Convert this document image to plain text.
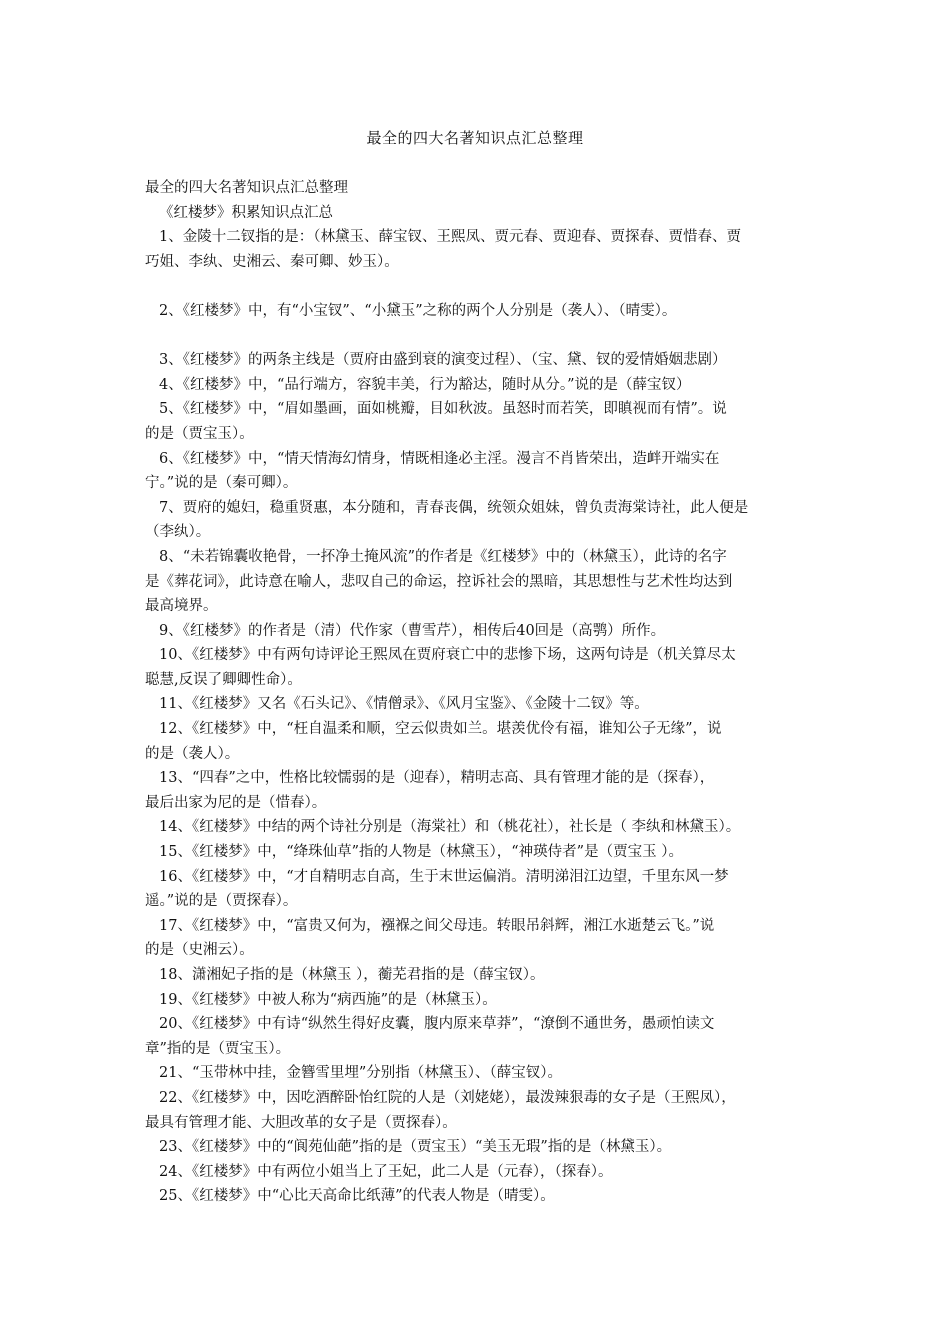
最全的四大名著知识点汇总整理
最全的四大名著知识点汇总整理
《红楼梦》积累知识点汇总
1、金陵十二钗指的是：（林黛玉、薛宝钗、王熙凤、贾元春、贾迎春、贾探春、贾惜春、贾
巧姐、李纨、史湘云、秦可卿、妙玉）。
2、《红楼梦》中，有“小宝钗”、“小黛玉”之称的两个人分别是（袭人）、（晴雯）。
3、《红楼梦》的两条主线是（贾府由盛到衰的演变过程）、（宝、黛、钗的爱情婚姻悲剧）
4、《红楼梦》中，“品行端方，容貌丰美，行为豁达，随时从分。”说的是（薛宝钗）
5、《红楼梦》中，“眉如墨画，面如桃瓣，目如秋波。虽怒时而若笑，即瞋视而有情”。说
的是（贾宝玉）。
6、《红楼梦》中，“情天情海幻情身，情既相逢必主淫。漫言不肖皆荣出，造衅开端实在
宁。”说的是（秦可卿）。
7、贾府的媳妇，稳重贤惠，本分随和，青春丧偶，统领众姐妹，曾负责海棠诗社，此人便是
（李纨）。
8、“未若锦囊收艳骨，一抔净土掩风流”的作者是《红楼梦》中的（林黛玉），此诗的名字
是《葬花词》，此诗意在喻人，悲叹自己的命运，控诉社会的黑暗，其思想性与艺术性均达到
最高境界。
9、《红楼梦》的作者是（清）代作家（曹雪芹），相传后40回是（高鹗）所作。
10、《红楼梦》中有两句诗评论王熙凤在贾府衰亡中的悲惨下场，这两句诗是（机关算尽太
聪慧,反误了卿卿性命）。
11、《红楼梦》又名《石头记》、《情僧录》、《风月宝鉴》、《金陵十二钗》等。
12、《红楼梦》中，“枉自温柔和顺，空云似贵如兰。堪羡优伶有福，谁知公子无缘”，说
的是（袭人）。
13、“四春”之中，性格比较懦弱的是（迎春），精明志高、具有管理才能的是（探春），
最后出家为尼的是（惜春）。
14、《红楼梦》中结的两个诗社分别是（海棠社）和（桃花社），社长是（ 李纨和林黛玉）。
15、《红楼梦》中，“绛珠仙草”指的人物是（林黛玉），“神瑛侍者”是（贾宝玉 ）。
16、《红楼梦》中，“才自精明志自高，生于末世运偏消。清明涕泪江边望，千里东风一梦
遥。”说的是（贾探春）。
17、《红楼梦》中，“富贵又何为，襁褓之间父母违。转眼吊斜辉，湘江水逝楚云飞。”说
的是（史湘云）。
18、潇湘妃子指的是（林黛玉 ），蘅芜君指的是（薛宝钗）。
19、《红楼梦》中被人称为“病西施”的是（林黛玉）。
20、《红楼梦》中有诗“纵然生得好皮囊，腹内原来草莽”，“潦倒不通世务，愚顽怕读文
章”指的是（贾宝玉）。
21、“玉带林中挂，金簪雪里埋”分别指（林黛玉）、（薛宝钗）。
22、《红楼梦》中，因吃酒醉卧怡红院的人是（刘姥姥），最泼辣狠毒的女子是（王熙凤），
最具有管理才能、大胆改革的女子是（贾探春）。
23、《红楼梦》中的“阆苑仙葩”指的是（贾宝玉）“美玉无瑕”指的是（林黛玉）。
24、《红楼梦》中有两位小姐当上了王妃，此二人是（元春），（探春）。
25、《红楼梦》中“心比天高命比纸薄”的代表人物是（晴雯）。
